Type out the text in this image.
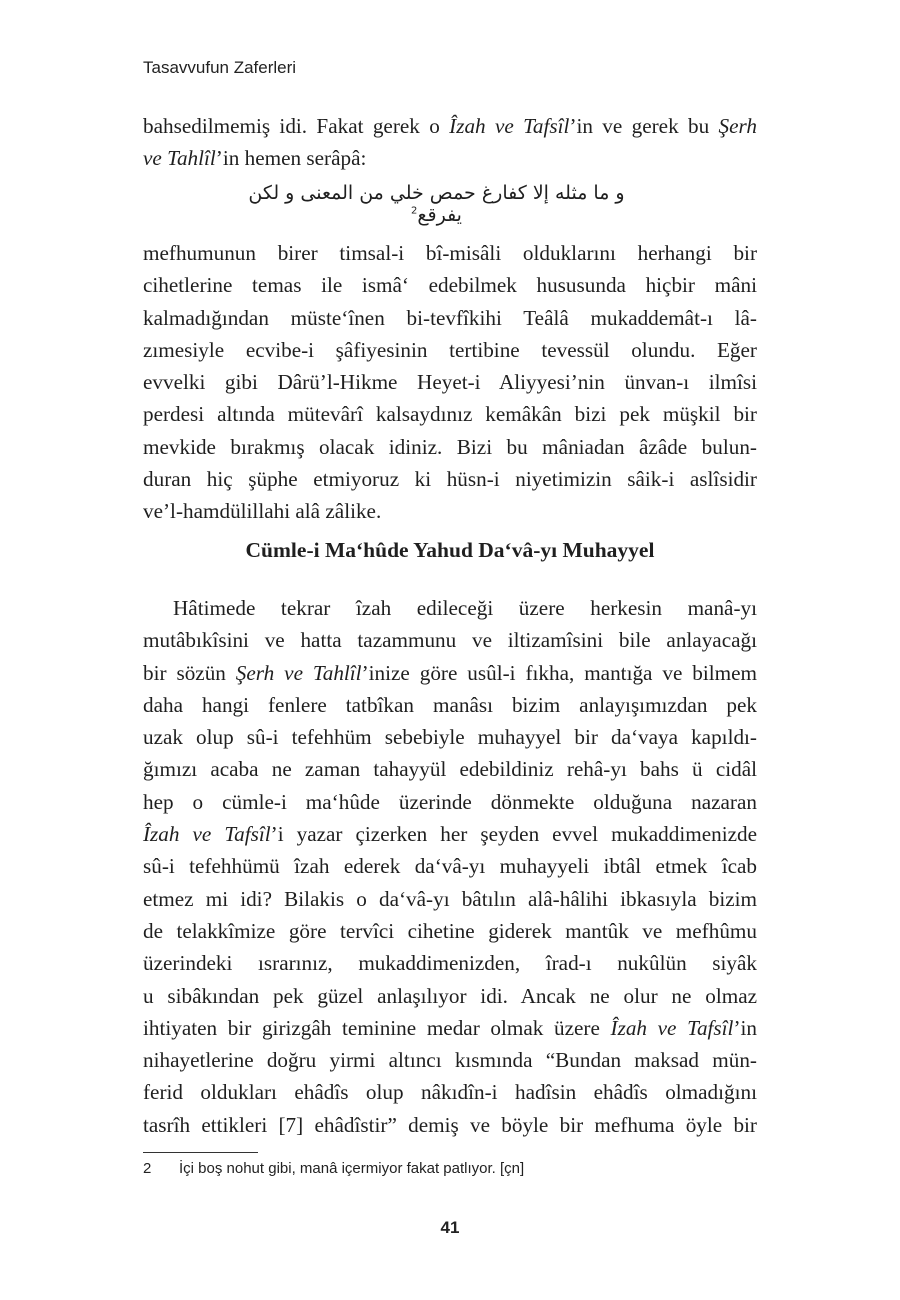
Tasavvufun Zaferleri
bahsedilmemiş idi. Fakat gerek o Îzah ve Tafsîl’in ve gerek bu Şerh
ve Tahlîl’in hemen serâpâ:
و ما مثله إلا كفارغ حمص خلي من المعنى و لكن يفرقع$^2$
mefhumunun birer timsal-i bî-misâli olduklarını herhangi bir
cihetlerine temas ile ismâ‘ edebilmek hususunda hiçbir mâni
kalmadığından müste‘înen bi-tevfîkihi Teâlâ mukaddemât-ı lâ-
zımesiyle ecvibe-i şâfiyesinin tertibine tevessül olundu. Eğer
evvelki gibi Dârü’l-Hikme Heyet-i Aliyyesi’nin ünvan-ı ilmîsi
perdesi altında mütevârî kalsaydınız kemâkân bizi pek müşkil bir
mevkide bırakmış olacak idiniz. Bizi bu mâniadan âzâde bulun-
duran hiç şüphe etmiyoruz ki hüsn-i niyetimizin sâik-i aslîsidir
ve’l-hamdülillahi alâ zâlike.
Cümle-i Ma‘hûde Yahud Da‘vâ-yı Muhayyel
Hâtimede tekrar îzah edileceği üzere herkesin manâ-yı
mutâbıkîsini ve hatta tazammunu ve iltizamîsini bile anlayacağı
bir sözün Şerh ve Tahlîl’inize göre usûl-i fıkha, mantığa ve bilmem
daha hangi fenlere tatbîkan manâsı bizim anlayışımızdan pek
uzak olup sû-i tefehhüm sebebiyle muhayyel bir da‘vaya kapıldı-
ğımızı acaba ne zaman tahayyül edebildiniz rehâ-yı bahs ü cidâl
hep o cümle-i ma‘hûde üzerinde dönmekte olduğuna nazaran
Îzah ve Tafsîl’i yazar çizerken her şeyden evvel mukaddimenizde
sû-i tefehhümü îzah ederek da‘vâ-yı muhayyeli ibtâl etmek îcab
etmez mi idi? Bilakis o da‘vâ-yı bâtılın alâ-hâlihi ibkasıyla bizim
de telakkîmize göre tervîci cihetine giderek mantûk ve mefhûmu
üzerindeki ısrarınız, mukaddimenizden, îrad-ı nukûlün siyâk
u sibâkından pek güzel anlaşılıyor idi. Ancak ne olur ne olmaz
ihtiyaten bir girizgâh teminine medar olmak üzere Îzah ve Tafsîl’in
nihayetlerine doğru yirmi altıncı kısmında “Bundan maksad mün-
ferid oldukları ehâdîs olup nâkıdîn-i hadîsin ehâdîs olmadığını
tasrîh ettikleri [7] ehâdîstir” demiş ve böyle bir mefhuma öyle bir
2 İçi boş nohut gibi, manâ içermiyor fakat patlıyor. [çn]
41
